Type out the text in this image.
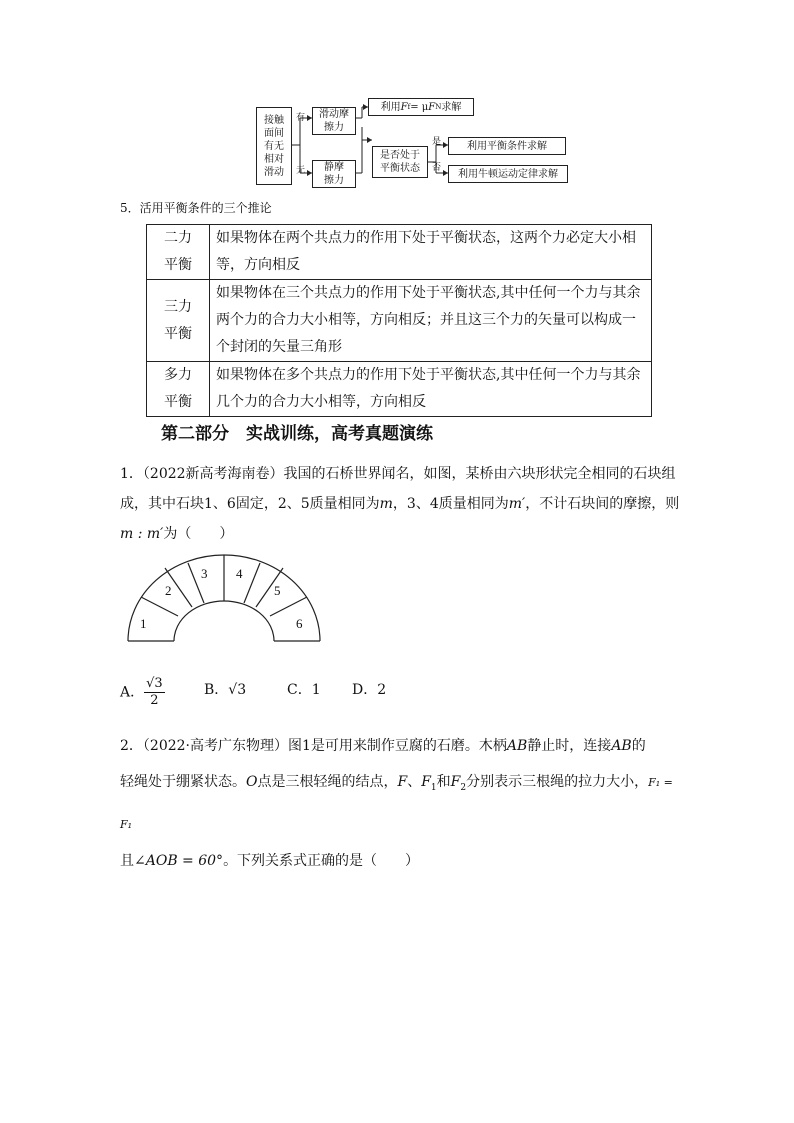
接触
面间
有无
相对
滑动
有
无
滑动摩
擦力
静摩
擦力
利用 F f = μ F N 求解
是否处于
平衡状态
是
否
利用平衡条件求解
利用牛顿运动定律求解
5．活用平衡条件的三个推论
二力
平衡	如果物体在两个共点力的作用下处于平衡状态，这两个力必定大小相等，方向相反
三力
平衡	如果物体在三个共点力的作用下处于平衡状态,其中任何一个力与其余两个力的合力大小相等，方向相反；并且这三个力的矢量可以构成一个封闭的矢量三角形
多力
平衡	如果物体在多个共点力的作用下处于平衡状态,其中任何一个力与其余几个力的合力大小相等，方向相反
第二部分　实战训练，高考真题演练
1．（2022新高考海南卷）我国的石桥世界闻名，如图，某桥由六块形状完全相同的石块组成，其中石块1、6固定，2、5质量相同为m，3、4质量相同为m′，不计石块间的摩擦，则m : m′为（　　）
1
2
3 4
5
6
A． $\frac{√3}{2}$	B．√3	C．1 D．2
2．（2022·高考广东物理）图1是可用来制作豆腐的石磨。木柄AB静止时，连接AB的
轻绳处于绷紧状态。O点是三根轻绳的结点，F、$F_1$和$F_2$分别表示三根绳的拉力大小，F₁ = F₁
且∠AOB = 60°。下列关系式正确的是（　　）
